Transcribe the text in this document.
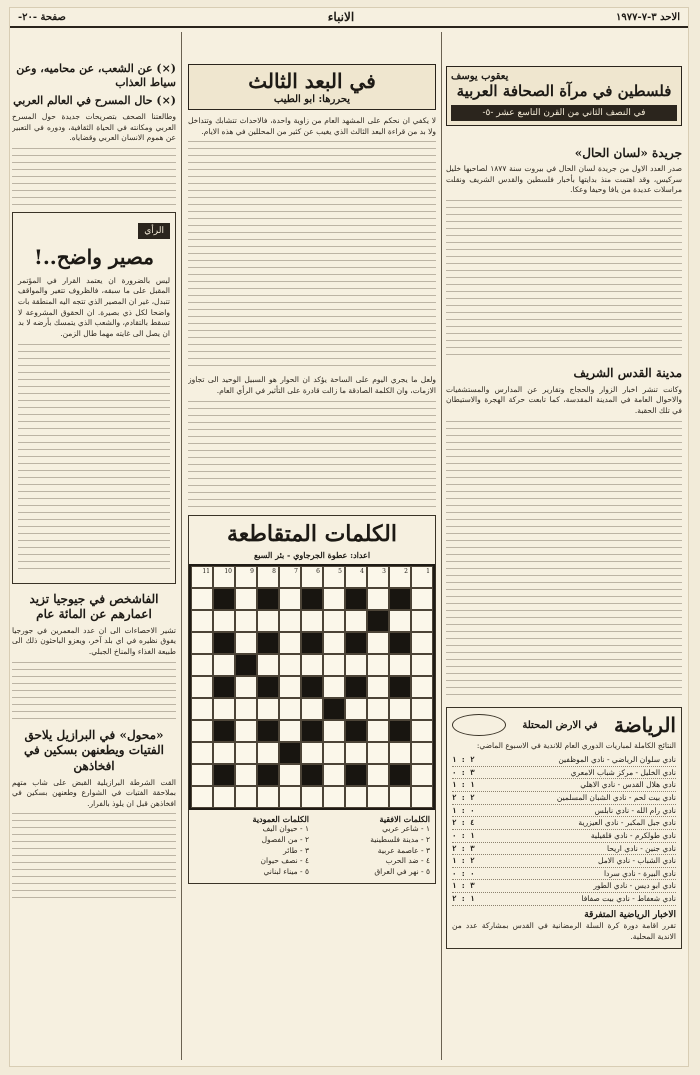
الاحد ٣-٧-١٩٧٧
الانباء
صفحة -٢٠-
يعقوب يوسف
فلسطين في مرآة الصحافة العربية
في النصف الثاني من القرن التاسع عشر -٥-
جريدة «لسان الحال»

صدر العدد الاول من جريدة لسان الحال في بيروت سنة ١٨٧٧ لصاحبها خليل سركيس، وقد اهتمت منذ بدايتها بأخبار فلسطين والقدس الشريف ونقلت مراسلات عديدة من يافا وحيفا وعكا.

مدينة القدس الشريف

وكانت تنشر اخبار الزوار والحجاج وتقارير عن المدارس والمستشفيات والاحوال العامة في المدينة المقدسة، كما تابعت حركة الهجرة والاستيطان في تلك الحقبة.

الرياضة
في الارض المحتلة

النتائج الكاملة لمباريات الدوري العام للاندية في الاسبوع الماضي:

نادي سلوان الرياضي - نادي الموظفين
٢ : ١
نادي الخليل - مركز شباب الامعري
٣ : ٠
نادي هلال القدس - نادي الاهلي
١ : ١
نادي بيت لحم - نادي الشبان المسلمين
٢ : ٢
نادي رام الله - نادي نابلس
٠ : ١
نادي جبل المكبر - نادي العيزرية
٤ : ٢
نادي طولكرم - نادي قلقيلية
١ : ٠
نادي جنين - نادي اريحا
٣ : ٢
نادي الشباب - نادي الامل
٢ : ١
نادي البيرة - نادي سردا
٠ : ٠
نادي ابو ديس - نادي الطور
٣ : ١
نادي شعفاط - نادي بيت صفافا
١ : ٢
الاخبار الرياضية المتفرقة

تقرر اقامة دورة كرة السلة الرمضانية في القدس بمشاركة عدد من الاندية المحلية.

في البعد الثالث
يحررها: ابو الطيب

لا يكفي ان نحكم على المشهد العام من زاوية واحدة، فالاحداث تتشابك وتتداخل ولا بد من قراءة البعد الثالث الذي يغيب عن كثير من المحللين في هذه الايام.

ولعل ما يجري اليوم على الساحة يؤكد ان الحوار هو السبيل الوحيد الى تجاوز الازمات، وان الكلمة الصادقة ما زالت قادرة على التأثير في الرأي العام.

الكلمات المتقاطعة
اعداد: عطوة الجرجاوي - بئر السبع
1
2
3
4
5
6
7
8
9
10
11
الكلمات الافقية
١ - شاعر عربي
٢ - مدينة فلسطينية
٣ - عاصمة عربية
٤ - ضد الحرب
٥ - نهر في العراق
الكلمات العمودية
١ - حيوان اليف
٢ - من الفصول
٣ - طائر
٤ - نصف حيوان
٥ - ميناء لبناني
(×) عن الشعب، عن محاميه، وعن سياط العذاب
(×) حال المسرح في العالم العربي

وطالعتنا الصحف بتصريحات جديدة حول المسرح العربي ومكانته في الحياة الثقافية، ودوره في التعبير عن هموم الانسان العربي وقضاياه.

الرأي
مصير واضح..!

ليس بالضرورة ان يعتمد القرار في المؤتمر المقبل على ما سبقه، فالظروف تتغير والمواقف تتبدل، غير ان المصير الذي تتجه اليه المنطقة بات واضحا لكل ذي بصيرة. ان الحقوق المشروعة لا تسقط بالتقادم، والشعب الذي يتمسك بأرضه لا بد ان يصل الى غايته مهما طال الزمن.

الفاشخص في جيوجيا تزيد اعمارهم عن المائة عام

تشير الاحصاءات الى ان عدد المعمرين في جورجيا يفوق نظيره في اي بلد آخر، ويعزو الباحثون ذلك الى طبيعة الغذاء والمناخ الجبلي.

«محول» في البرازيل يلاحق الفتيات ويطعنهن بسكين في افخاذهن

القت الشرطة البرازيلية القبض على شاب متهم بملاحقة الفتيات في الشوارع وطعنهن بسكين في افخاذهن قبل ان يلوذ بالفرار.
